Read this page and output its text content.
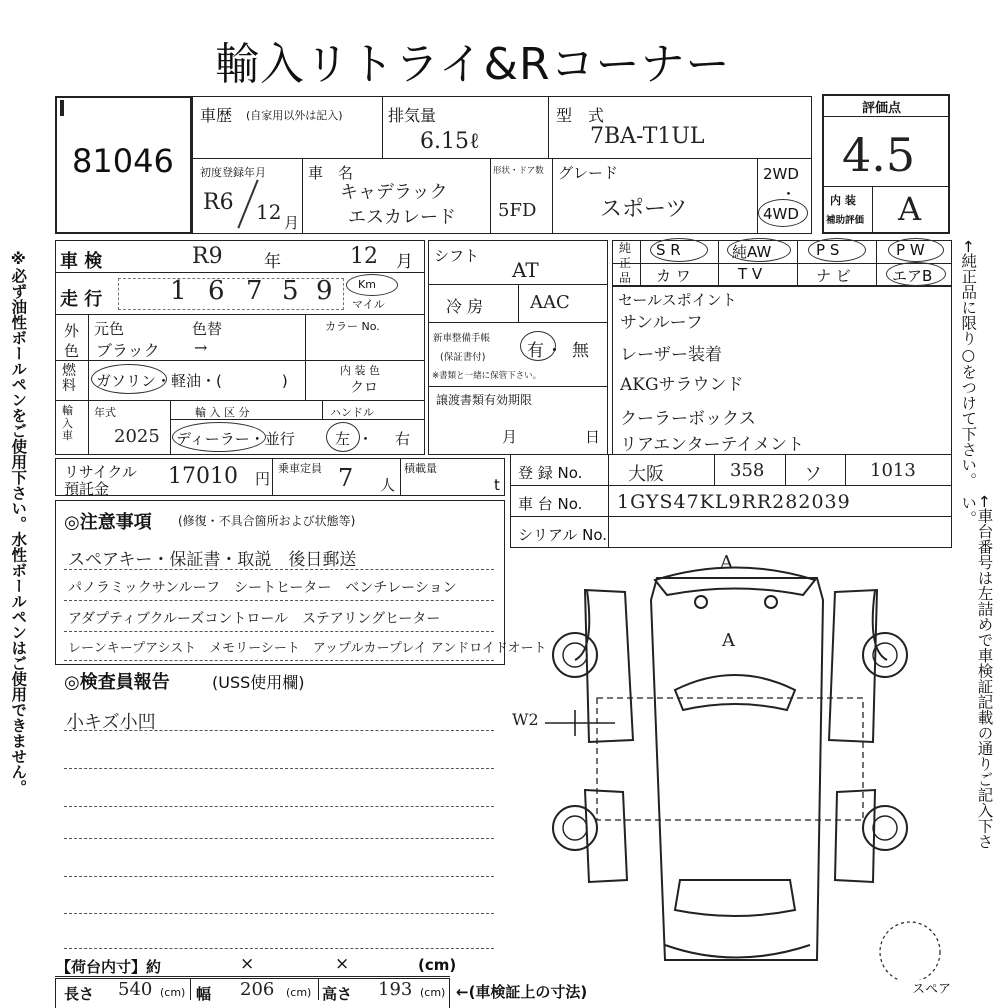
輸入リトライ&Rコーナー
※必ず油性ボールペンをご使用下さい。水性ボールペンはご使用できません。	←純正品に限り○をつけて下さい。
←車台番号は左詰めで車検証記載の通りご記入下さい。
81046
車歴 (自家用以外は記入)	排気量
6.15ℓ
型　式
7BA-T1UL
初度登録年月
R6 12 月
車　名
キャデラック
エスカレード
形状・ドア数
5FD
グレード
スポーツ
2WD
・
4WD
評価点
4.5
内 装
補助評価 A
車 検	R9 年	12 月
走 行	1 6 7 5 9 Km
マイル
外
色
元色	色替
ブラック →
カラー No.
燃料	ガソリン・軽油・(　　　　)
内 装 色
クロ
輸入車
年式
2025
輸 入 区 分
ディーラー・並行
ハンドル
左 ・ 右
シフト
AT
冷 房	AAC
新車整備手帳
(保証書付) 有 ・ 無
※書類と一緒に保管下さい。
譲渡書類有効期限
月	日
純正品
S R	純AW	P S	P W
カ ワ	T V	ナ ビ	エアB
セールスポイント
サンルーフ
レーザー装着
AKGサラウンド
クーラーボックス
リアエンターテイメント
リサイクル
預託金	17010 円
乗車定員 7 人
積載量
t
登 録 No.	大阪	358 ソ	1013
車 台 No. 1GYS47KL9RR282039
シリアル No.
◎注意事項 (修復・不具合箇所および状態等)
スペアキー・保証書・取説　後日郵送
パノラミックサンルーフ　シートヒーター　ベンチレーション
アダプティブクルーズコントロール　ステアリングヒーター
レーンキープアシスト　メモリーシート　アップルカープレイ アンドロイドオート
◎検査員報告	(USS使用欄)
小キズ小凹
A
A
W2
スペア
【荷台内寸】約	×	×	(cm)
長さ 540 (cm) 幅 206 (cm) 高さ 193 (cm) ←(車検証上の寸法)
